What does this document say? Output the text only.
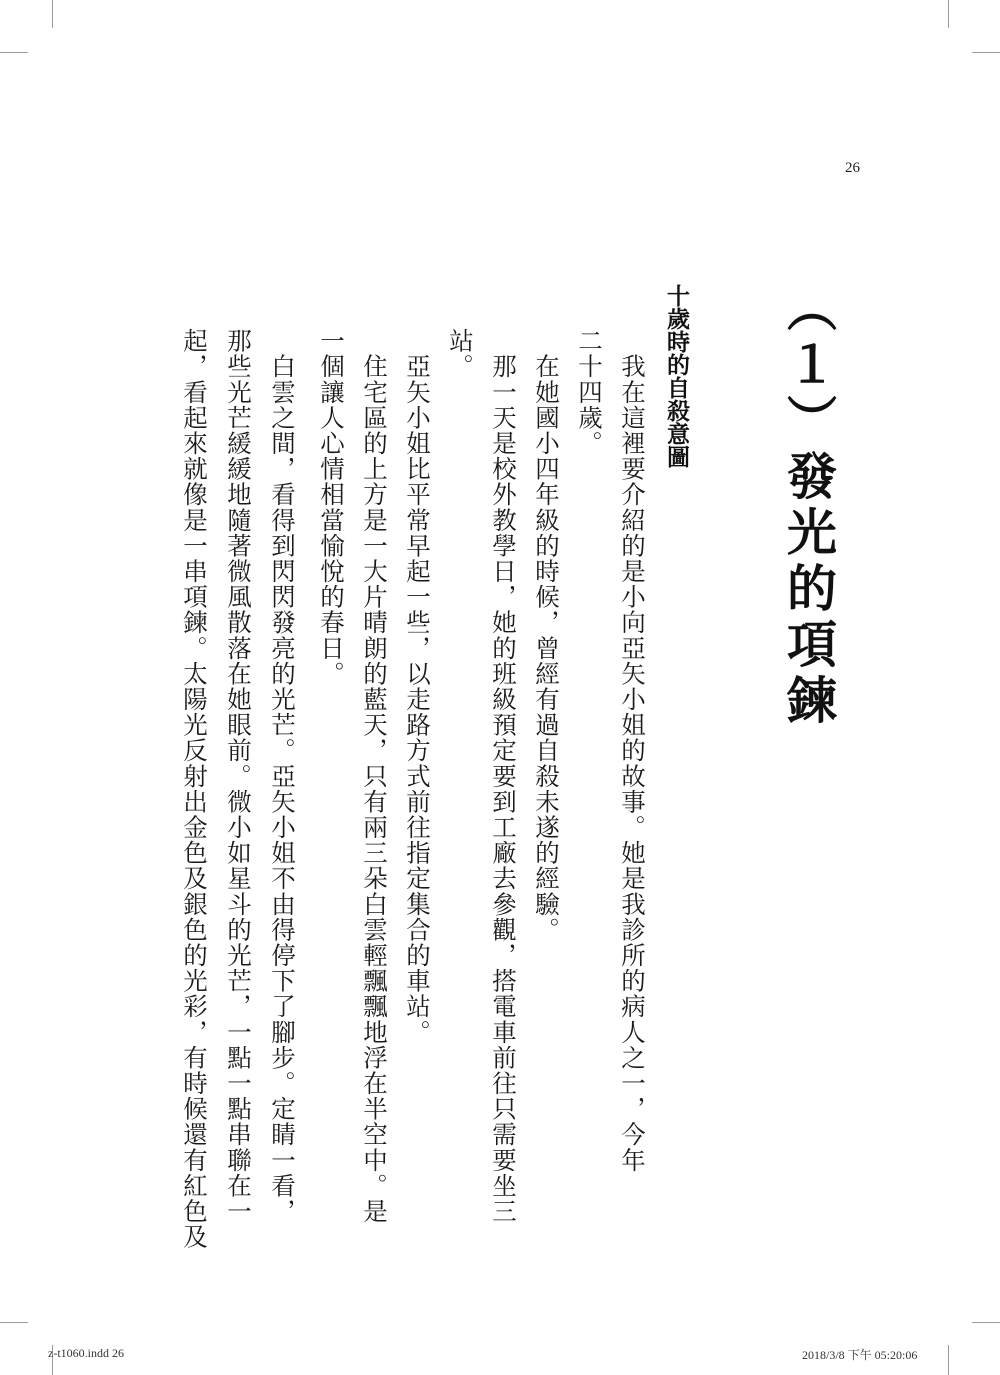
26
（１）發光的項鍊
十歲時的自殺意圖
　我在這裡要介紹的是小向亞矢小姐的故事。她是我診所的病人之一，今年
二十四歲。
　在她國小四年級的時候，曾經有過自殺未遂的經驗。
　那一天是校外教學日，她的班級預定要到工廠去參觀，搭電車前往只需要坐三
站。
　亞矢小姐比平常早起一些，以走路方式前往指定集合的車站。
　住宅區的上方是一大片晴朗的藍天，只有兩三朵白雲輕飄飄地浮在半空中。是
一個讓人心情相當愉悅的春日。
　白雲之間，看得到閃閃發亮的光芒。亞矢小姐不由得停下了腳步。定睛一看，
那些光芒緩緩地隨著微風散落在她眼前。微小如星斗的光芒，一點一點串聯在一
起，看起來就像是一串項鍊。太陽光反射出金色及銀色的光彩，有時候還有紅色及
z-t1060.indd 26	2018/3/8 下午 05:20:06
